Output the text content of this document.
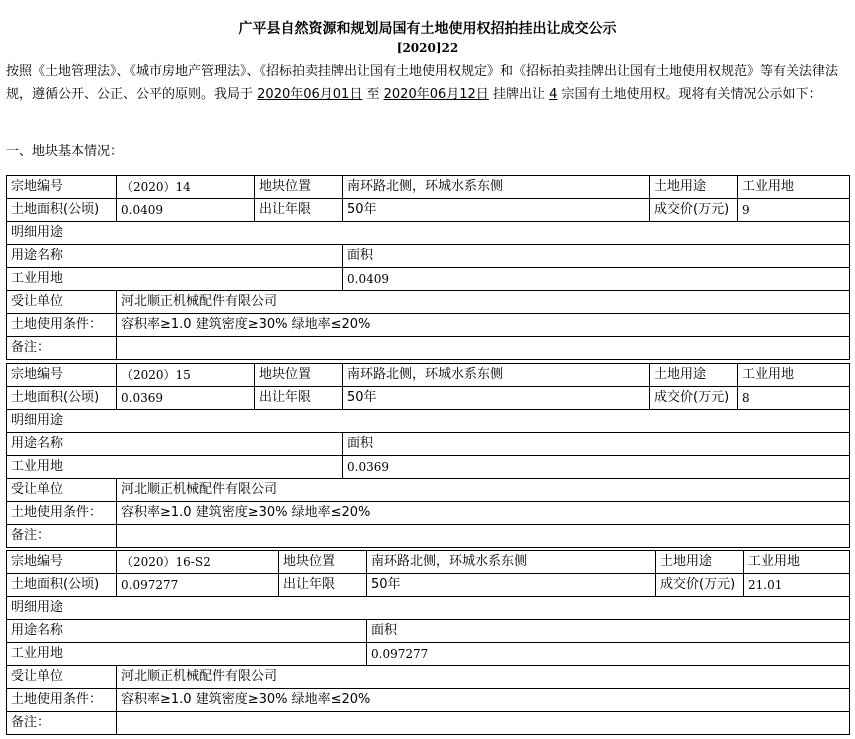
广平县自然资源和规划局国有土地使用权招拍挂出让成交公示
[2020]22
按照《土地管理法》、《城市房地产管理法》、《招标拍卖挂牌出让国有土地使用权规定》和《招标拍卖挂牌出让国有土地使用权规范》等有关法律法规，遵循公开、公正、公平的原则。我局于 2020年06月01日 至 2020年06月12日 挂牌出让 4 宗国有土地使用权。现将有关情况公示如下：
一、地块基本情况：
宗地编号	（2020）14	地块位置	南环路北侧，环城水系东侧	土地用途	工业用地
土地面积(公顷)	0.0409	出让年限	50年	成交价(万元)	9
明细用途					
用途名称			面积		
工业用地			0.0409		
受让单位	河北顺正机械配件有限公司				
土地使用条件：	容积率≥1.0 建筑密度≥30% 绿地率≤20%				
备注：					
宗地编号	（2020）15	地块位置	南环路北侧，环城水系东侧	土地用途	工业用地
土地面积(公顷)	0.0369	出让年限	50年	成交价(万元)	8
明细用途					
用途名称			面积		
工业用地			0.0369		
受让单位	河北顺正机械配件有限公司				
土地使用条件：	容积率≥1.0 建筑密度≥30% 绿地率≤20%				
备注：					
宗地编号	（2020）16-S2	地块位置	南环路北侧，环城水系东侧	土地用途	工业用地
土地面积(公顷)	0.097277	出让年限	50年	成交价(万元)	21.01
明细用途					
用途名称			面积		
工业用地			0.097277		
受让单位	河北顺正机械配件有限公司				
土地使用条件：	容积率≥1.0 建筑密度≥30% 绿地率≤20%				
备注：					
